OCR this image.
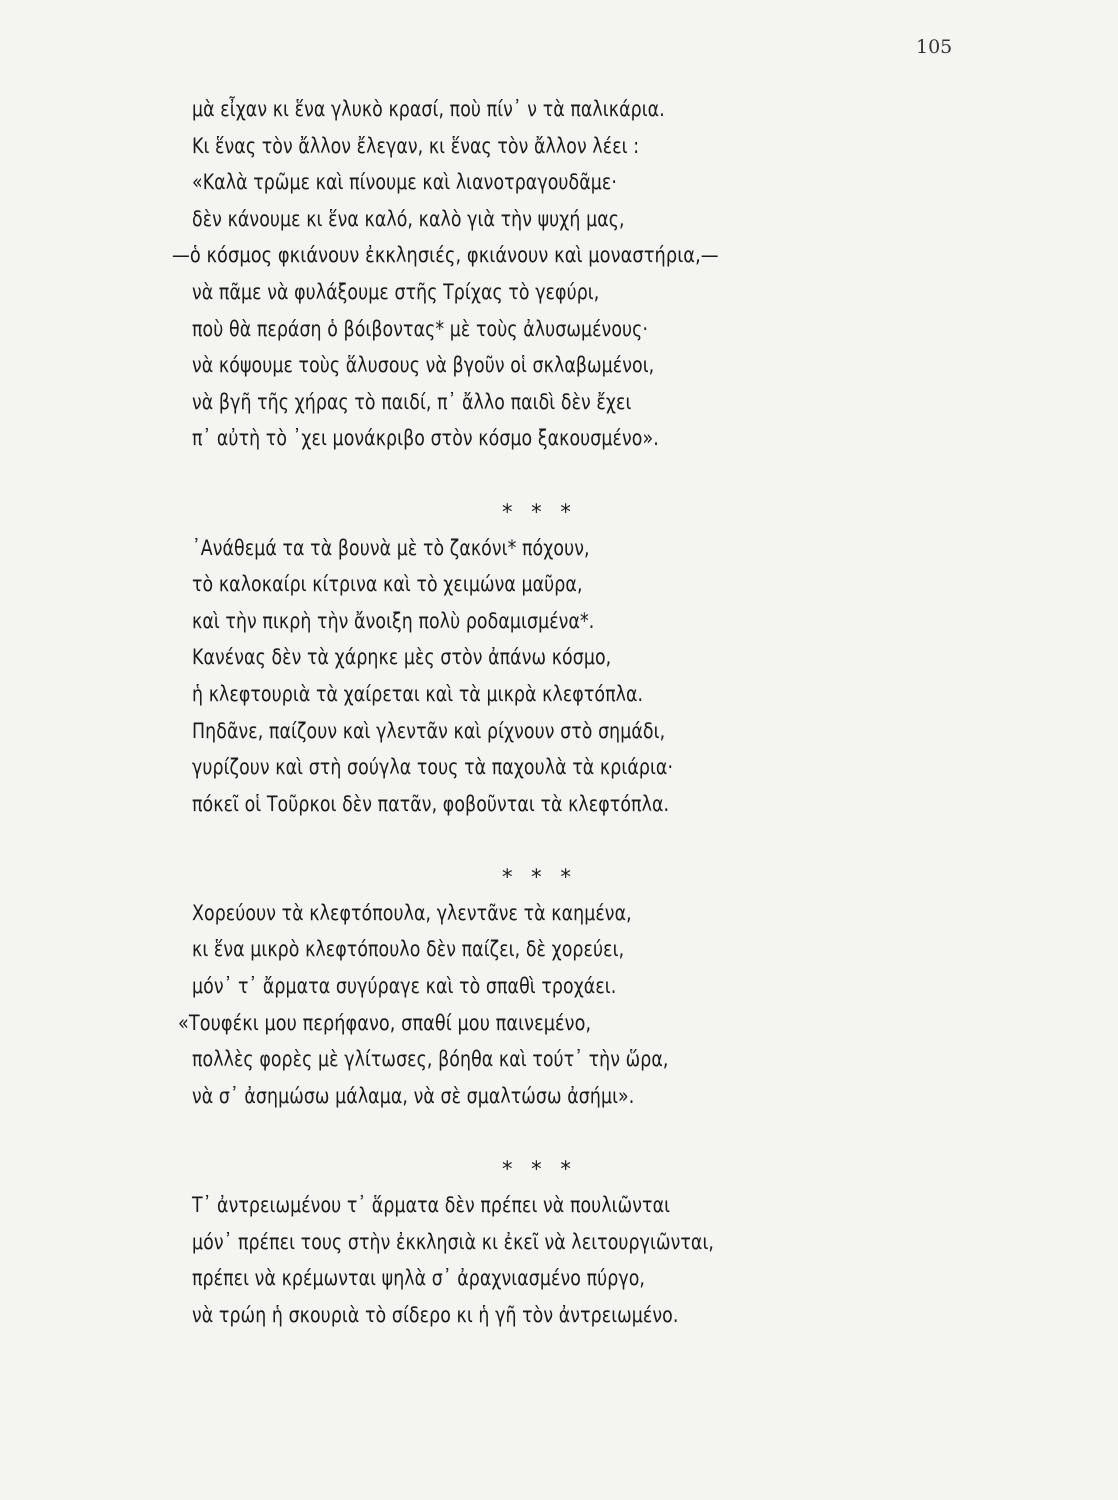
105
μὰ εἶχαν κι ἕνα γλυκὸ κρασί, ποὺ πίν᾿ ν τὰ παλικάρια.
Κι ἕνας τὸν ἄλλον ἔλεγαν, κι ἕνας τὸν ἄλλον λέει :
«Καλὰ τρῶμε καὶ πίνουμε καὶ λιανοτραγουδᾶμε·
δὲν κάνουμε κι ἕνα καλό, καλὸ γιὰ τὴν ψυχή μας,
—ὁ κόσμος φκιάνουν ἐκκλησιές, φκιάνουν καὶ μοναστήρια,—
νὰ πᾶμε νὰ φυλάξουμε στῆς Τρίχας τὸ γεφύρι,
ποὺ θὰ περάση ὁ βόιβοντας* μὲ τοὺς ἀλυσωμένους·
νὰ κόψουμε τοὺς ἅλυσους νὰ βγοῦν οἱ σκλαβωμένοι,
νὰ βγῆ τῆς χήρας τὸ παιδί, π᾿ ἄλλο παιδὶ δὲν ἔχει
π᾿ αὐτὴ τὸ ᾿χει μονάκριβο στὸν κόσμο ξακουσμένο».
* * *
᾿Ανάθεμά τα τὰ βουνὰ μὲ τὸ ζακόνι* πόχουν,
τὸ καλοκαίρι κίτρινα καὶ τὸ χειμώνα μαῦρα,
καὶ τὴν πικρὴ τὴν ἄνοιξη πολὺ ροδαμισμένα*.
Κανένας δὲν τὰ χάρηκε μὲς στὸν ἀπάνω κόσμο,
ἡ κλεφτουριὰ τὰ χαίρεται καὶ τὰ μικρὰ κλεφτόπλα.
Πηδᾶνε, παίζουν καὶ γλεντᾶν καὶ ρίχνουν στὸ σημάδι,
γυρίζουν καὶ στὴ σούγλα τους τὰ παχουλὰ τὰ κριάρια·
πόκεῖ οἱ Τοῦρκοι δὲν πατᾶν, φοβοῦνται τὰ κλεφτόπλα.
* * *
Χορεύουν τὰ κλεφτόπουλα, γλεντᾶνε τὰ καημένα,
κι ἕνα μικρὸ κλεφτόπουλο δὲν παίζει, δὲ χορεύει,
μόν᾿ τ᾿ ἄρματα συγύραγε καὶ τὸ σπαθὶ τροχάει.
«Τουφέκι μου περήφανο, σπαθί μου παινεμένο,
πολλὲς φορὲς μὲ γλίτωσες, βόηθα καὶ τούτ᾿ τὴν ὥρα,
νὰ σ᾿ ἀσημώσω μάλαμα, νὰ σὲ σμαλτώσω ἀσήμι».
* * *
Τ᾿ ἀντρειωμένου τ᾿ ἅρματα δὲν πρέπει νὰ πουλιῶνται
μόν᾿ πρέπει τους στὴν ἐκκλησιὰ κι ἐκεῖ νὰ λειτουργιῶνται,
πρέπει νὰ κρέμωνται ψηλὰ σ᾿ ἀραχνιασμένο πύργο,
νὰ τρώη ἡ σκουριὰ τὸ σίδερο κι ἡ γῆ τὸν ἀντρειωμένο.
